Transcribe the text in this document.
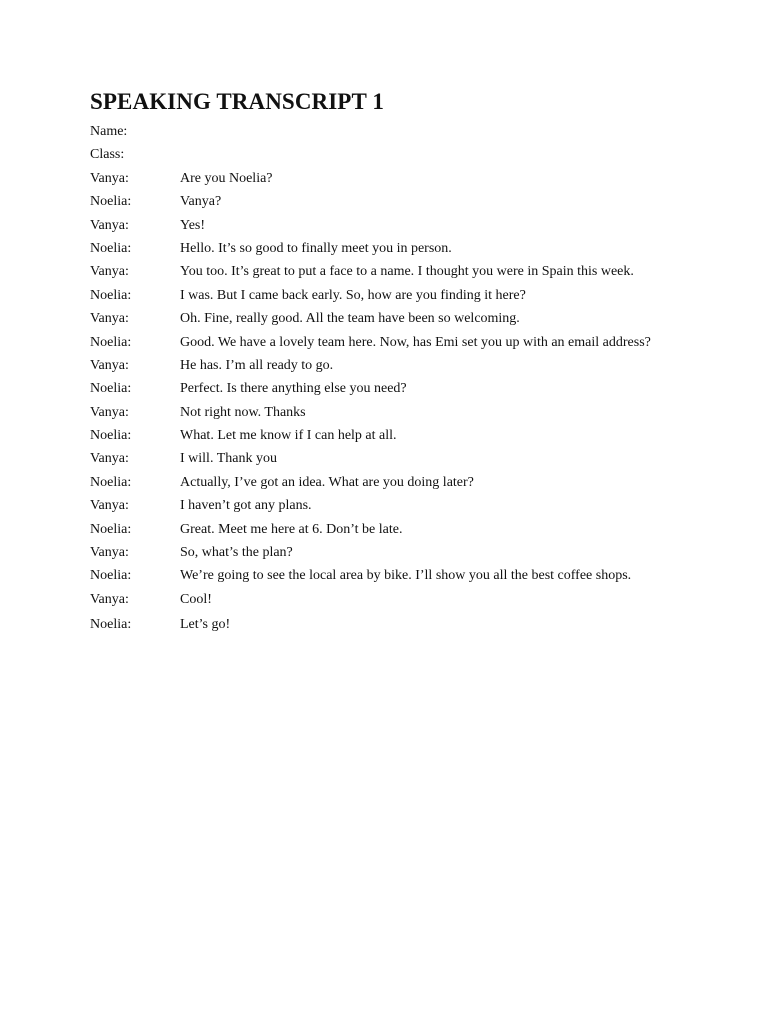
SPEAKING TRANSCRIPT 1
Name:
Class:
Vanya:	Are you Noelia?
Noelia:	Vanya?
Vanya:	Yes!
Noelia:	Hello. It’s so good to finally meet you in person.
Vanya:	You too. It’s great to put a face to a name. I thought you were in Spain this week.
Noelia:	I was. But I came back early. So, how are you finding it here?
Vanya:	Oh. Fine, really good. All the team have been so welcoming.
Noelia:	Good. We have a lovely team here. Now, has Emi set you up with an email address?
Vanya:	He has. I’m all ready to go.
Noelia:	Perfect. Is there anything else you need?
Vanya:	Not right now. Thanks
Noelia:	What. Let me know if I can help at all.
Vanya:	I will. Thank you
Noelia:	Actually, I’ve got an idea. What are you doing later?
Vanya:	I haven’t got any plans.
Noelia:	Great. Meet me here at 6. Don’t be late.
Vanya:	So, what’s the plan?
Noelia:	We’re going to see the local area by bike. I’ll show you all the best coffee shops.
Vanya:	Cool!
Noelia:	Let’s go!
